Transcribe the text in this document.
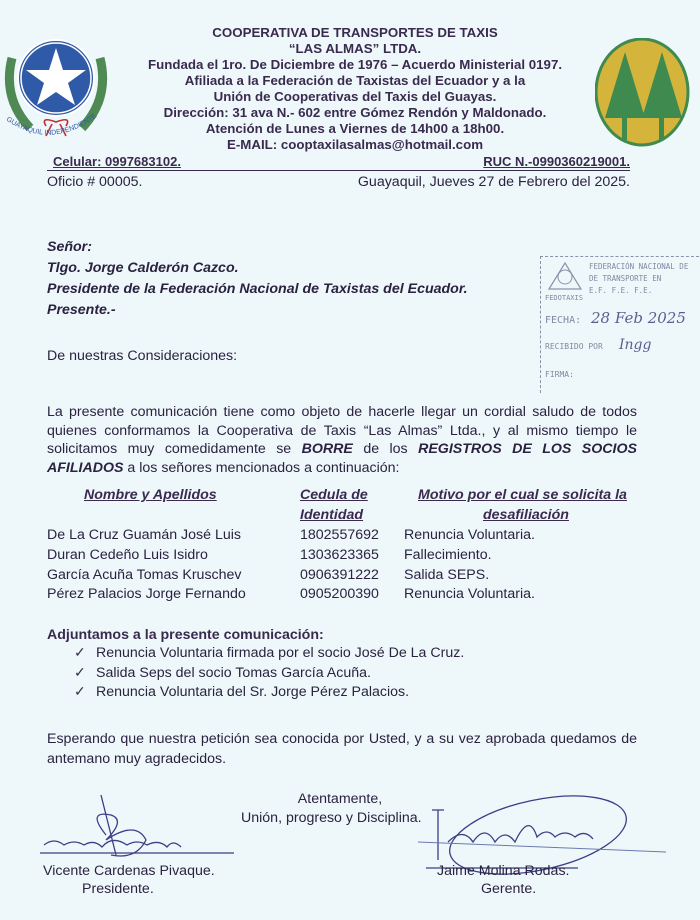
GUAYAQUIL INDEPENDIENTE
COOPERATIVA DE TRANSPORTES DE TAXIS
“LAS ALMAS” LTDA.
Fundada el 1ro. De Diciembre de 1976 – Acuerdo Ministerial 0197.
Afiliada a la Federación de Taxistas del Ecuador y a la
Unión de Cooperativas del Taxis del Guayas.
Dirección: 31 ava N.- 602 entre Gómez Rendón y Maldonado.
Atención de Lunes a Viernes de 14h00 a 18h00.
E-MAIL: cooptaxilasalmas@hotmail.com
Celular: 0997683102.	RUC N.-0990360219001.
Oficio # 00005.	Guayaquil, Jueves 27 de Febrero del 2025.
Señor:
Tlgo. Jorge Calderón Cazco.
Presidente de la Federación Nacional de Taxistas del Ecuador.
Presente.-
FEDOTAXIS
FEDERACIÓN NACIONAL DE
DE TRANSPORTE EN
E.F. F.E. F.E.
FECHA: 28 Feb 2025
RECIBIDO POR Ingg
FIRMA:
De nuestras Consideraciones:
La presente comunicación tiene como objeto de hacerle llegar un cordial saludo de todos quienes conformamos la Cooperativa de Taxis “Las Almas” Ltda., y al mismo tiempo le solicitamos muy comedidamente se BORRE de los REGISTROS DE LOS SOCIOS AFILIADOS a los señores mencionados a continuación:
Nombre y Apellidos	Cedula de
Identidad
Motivo por el cual se solicita la
desafiliación
De La Cruz Guamán José Luis	1802557692 Renuncia Voluntaria.
Duran Cedeño Luis Isidro	1303623365 Fallecimiento.
García Acuña Tomas Kruschev	0906391222 Salida SEPS.
Pérez Palacios Jorge Fernando	0905200390 Renuncia Voluntaria.
Adjuntamos a la presente comunicación:
✓ Renuncia Voluntaria firmada por el socio José De La Cruz.
✓ Salida Seps del socio Tomas García Acuña.
✓ Renuncia Voluntaria del Sr. Jorge Pérez Palacios.
Esperando que nuestra petición sea conocida por Usted, y a su vez aprobada quedamos de antemano muy agradecidos.
Atentamente,
Unión, progreso y Disciplina.
Vicente Cardenas Pivaque.
Presidente.
Jaime Molina Rodas.
Gerente.
